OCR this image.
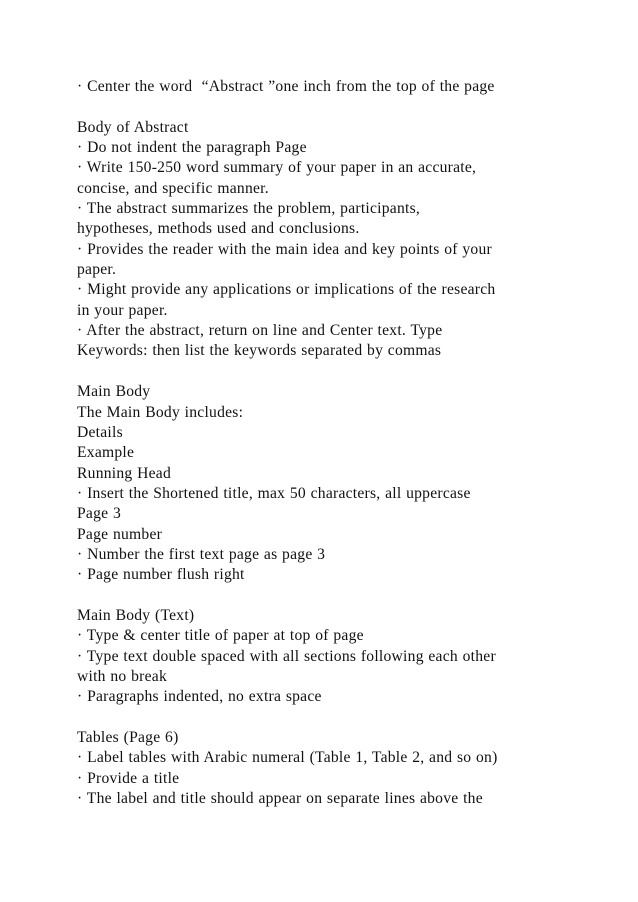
· Center the word  “Abstract ”one inch from the top of the page
Body of Abstract
· Do not indent the paragraph Page
· Write 150-250 word summary of your paper in an accurate,
concise, and specific manner.
· The abstract summarizes the problem, participants,
hypotheses, methods used and conclusions.
· Provides the reader with the main idea and key points of your
paper.
· Might provide any applications or implications of the research
in your paper.
· After the abstract, return on line and Center text. Type
Keywords: then list the keywords separated by commas
Main Body
The Main Body includes:
Details
Example
Running Head
· Insert the Shortened title, max 50 characters, all uppercase
Page 3
Page number
· Number the first text page as page 3
· Page number flush right
Main Body (Text)
· Type & center title of paper at top of page
· Type text double spaced with all sections following each other
with no break
· Paragraphs indented, no extra space
Tables (Page 6)
· Label tables with Arabic numeral (Table 1, Table 2, and so on)
· Provide a title
· The label and title should appear on separate lines above the
